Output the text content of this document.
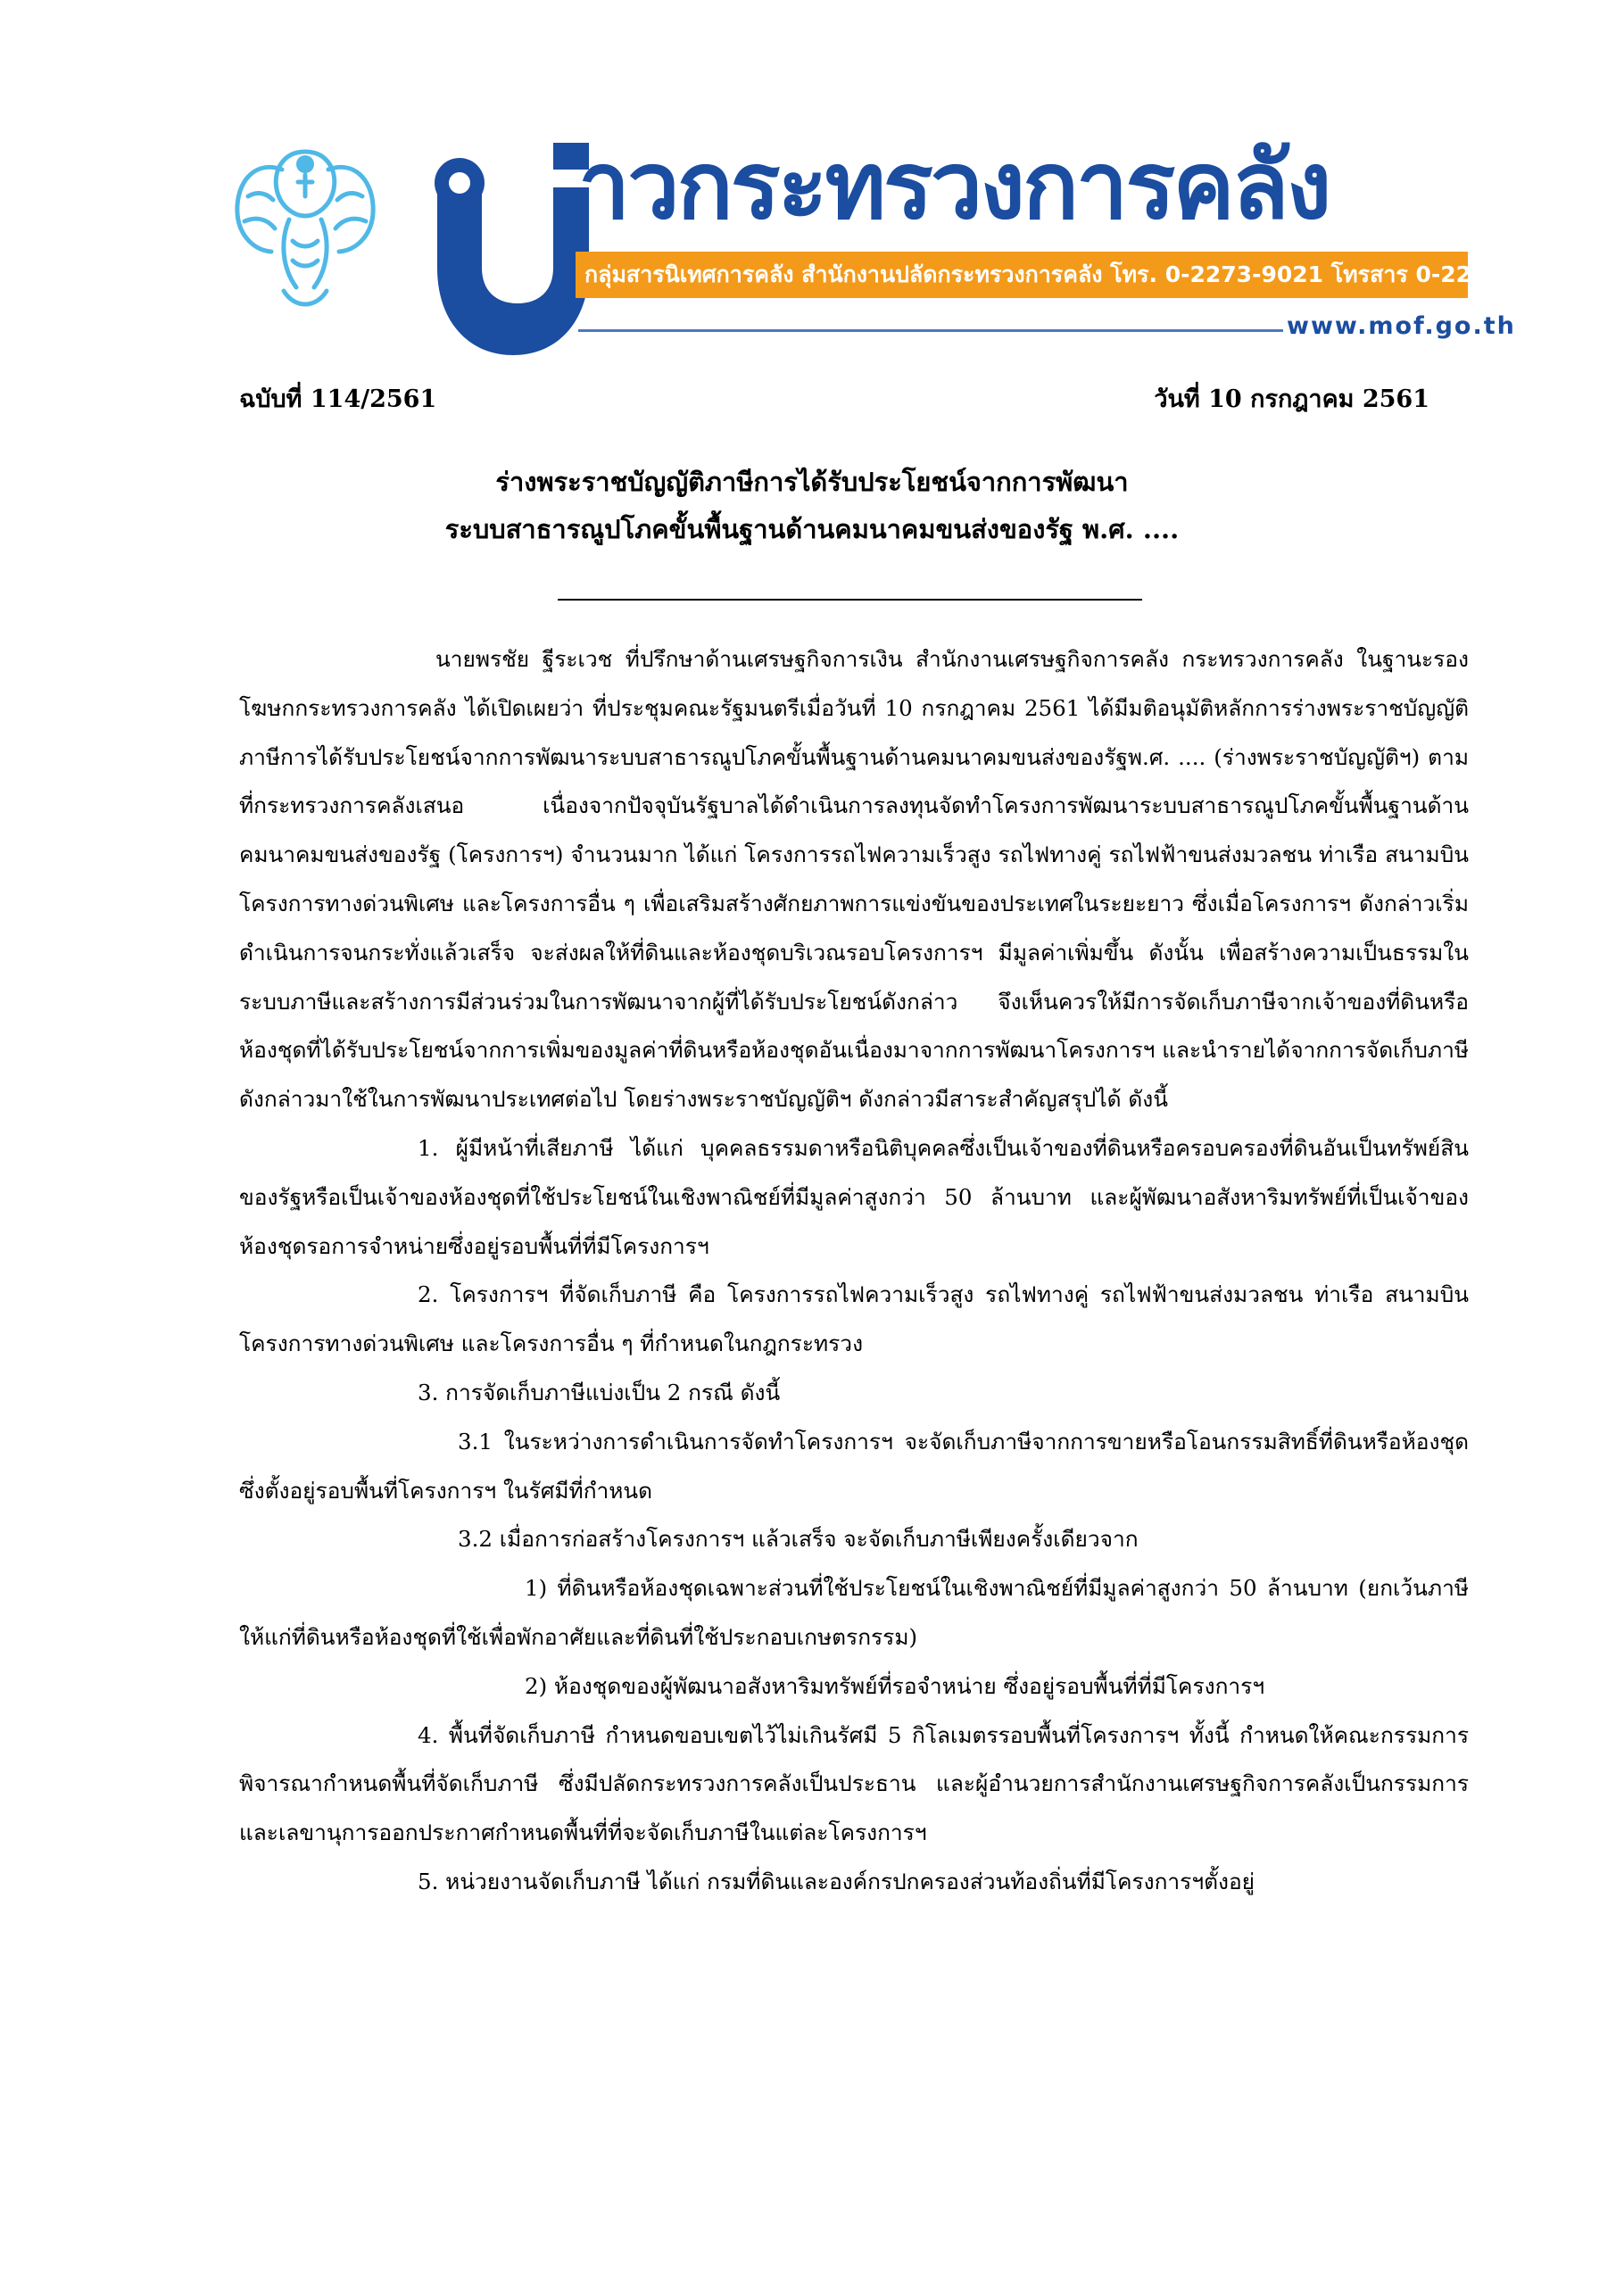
าวกระทรวงการคลัง
กลุ่มสารนิเทศการคลัง สำนักงานปลัดกระทรวงการคลัง โทร. 0-2273-9021 โทรสาร 0-2273-9763
www.mof.go.th
ฉบับที่ 114/2561	วันที่ 10 กรกฎาคม 2561
ร่างพระราชบัญญัติภาษีการได้รับประโยชน์จากการพัฒนา
ระบบสาธารณูปโภคขั้นพื้นฐานด้านคมนาคมขนส่งของรัฐ พ.ศ. ....

นายพรชัย ฐีระเวช ที่ปรึกษาด้านเศรษฐกิจการเงิน สำนักงานเศรษฐกิจการคลัง กระทรวงการคลัง ในฐานะรองโฆษกกระทรวงการคลัง ได้เปิดเผยว่า ที่ประชุมคณะรัฐมนตรีเมื่อวันที่ 10 กรกฎาคม 2561 ได้มีมติอนุมัติหลักการร่างพระราชบัญญัติภาษีการได้รับประโยชน์จากการพัฒนาระบบสาธารณูปโภคขั้นพื้นฐานด้านคมนาคมขนส่งของรัฐพ.ศ. .... (ร่างพระราชบัญญัติฯ) ตามที่กระทรวงการคลังเสนอ เนื่องจากปัจจุบันรัฐบาลได้ดำเนินการลงทุนจัดทำโครงการพัฒนาระบบสาธารณูปโภคขั้นพื้นฐานด้านคมนาคมขนส่งของรัฐ (โครงการฯ) จำนวนมาก ได้แก่ โครงการรถไฟความเร็วสูง รถไฟทางคู่ รถไฟฟ้าขนส่งมวลชน ท่าเรือ สนามบิน โครงการทางด่วนพิเศษ และโครงการอื่น ๆ เพื่อเสริมสร้างศักยภาพการแข่งขันของประเทศในระยะยาว ซึ่งเมื่อโครงการฯ ดังกล่าวเริ่มดำเนินการจนกระทั่งแล้วเสร็จ จะส่งผลให้ที่ดินและห้องชุดบริเวณรอบโครงการฯ มีมูลค่าเพิ่มขึ้น ดังนั้น เพื่อสร้างความเป็นธรรมในระบบภาษีและสร้างการมีส่วนร่วมในการพัฒนาจากผู้ที่ได้รับประโยชน์ดังกล่าว จึงเห็นควรให้มีการจัดเก็บภาษีจากเจ้าของที่ดินหรือห้องชุดที่ได้รับประโยชน์จากการเพิ่มของมูลค่าที่ดินหรือห้องชุดอันเนื่องมาจากการพัฒนาโครงการฯ และนำรายได้จากการจัดเก็บภาษีดังกล่าวมาใช้ในการพัฒนาประเทศต่อไป โดยร่างพระราชบัญญัติฯ ดังกล่าวมีสาระสำคัญสรุปได้ ดังนี้

1. ผู้มีหน้าที่เสียภาษี ได้แก่ บุคคลธรรมดาหรือนิติบุคคลซึ่งเป็นเจ้าของที่ดินหรือครอบครองที่ดินอันเป็นทรัพย์สินของรัฐหรือเป็นเจ้าของห้องชุดที่ใช้ประโยชน์ในเชิงพาณิชย์ที่มีมูลค่าสูงกว่า 50 ล้านบาท และผู้พัฒนาอสังหาริมทรัพย์ที่เป็นเจ้าของห้องชุดรอการจำหน่ายซึ่งอยู่รอบพื้นที่ที่มีโครงการฯ

2. โครงการฯ ที่จัดเก็บภาษี คือ โครงการรถไฟความเร็วสูง รถไฟทางคู่ รถไฟฟ้าขนส่งมวลชน ท่าเรือ สนามบิน โครงการทางด่วนพิเศษ และโครงการอื่น ๆ ที่กำหนดในกฎกระทรวง

3. การจัดเก็บภาษีแบ่งเป็น 2 กรณี ดังนี้

3.1 ในระหว่างการดำเนินการจัดทำโครงการฯ จะจัดเก็บภาษีจากการขายหรือโอนกรรมสิทธิ์ที่ดินหรือห้องชุดซึ่งตั้งอยู่รอบพื้นที่โครงการฯ ในรัศมีที่กำหนด

3.2 เมื่อการก่อสร้างโครงการฯ แล้วเสร็จ จะจัดเก็บภาษีเพียงครั้งเดียวจาก

1) ที่ดินหรือห้องชุดเฉพาะส่วนที่ใช้ประโยชน์ในเชิงพาณิชย์ที่มีมูลค่าสูงกว่า 50 ล้านบาท (ยกเว้นภาษีให้แก่ที่ดินหรือห้องชุดที่ใช้เพื่อพักอาศัยและที่ดินที่ใช้ประกอบเกษตรกรรม)

2) ห้องชุดของผู้พัฒนาอสังหาริมทรัพย์ที่รอจำหน่าย ซึ่งอยู่รอบพื้นที่ที่มีโครงการฯ

4. พื้นที่จัดเก็บภาษี กำหนดขอบเขตไว้ไม่เกินรัศมี 5 กิโลเมตรรอบพื้นที่โครงการฯ ทั้งนี้ กำหนดให้คณะกรรมการพิจารณากำหนดพื้นที่จัดเก็บภาษี ซึ่งมีปลัดกระทรวงการคลังเป็นประธาน และผู้อำนวยการสำนักงานเศรษฐกิจการคลังเป็นกรรมการและเลขานุการออกประกาศกำหนดพื้นที่ที่จะจัดเก็บภาษีในแต่ละโครงการฯ

5. หน่วยงานจัดเก็บภาษี ได้แก่ กรมที่ดินและองค์กรปกครองส่วนท้องถิ่นที่มีโครงการฯตั้งอยู่
